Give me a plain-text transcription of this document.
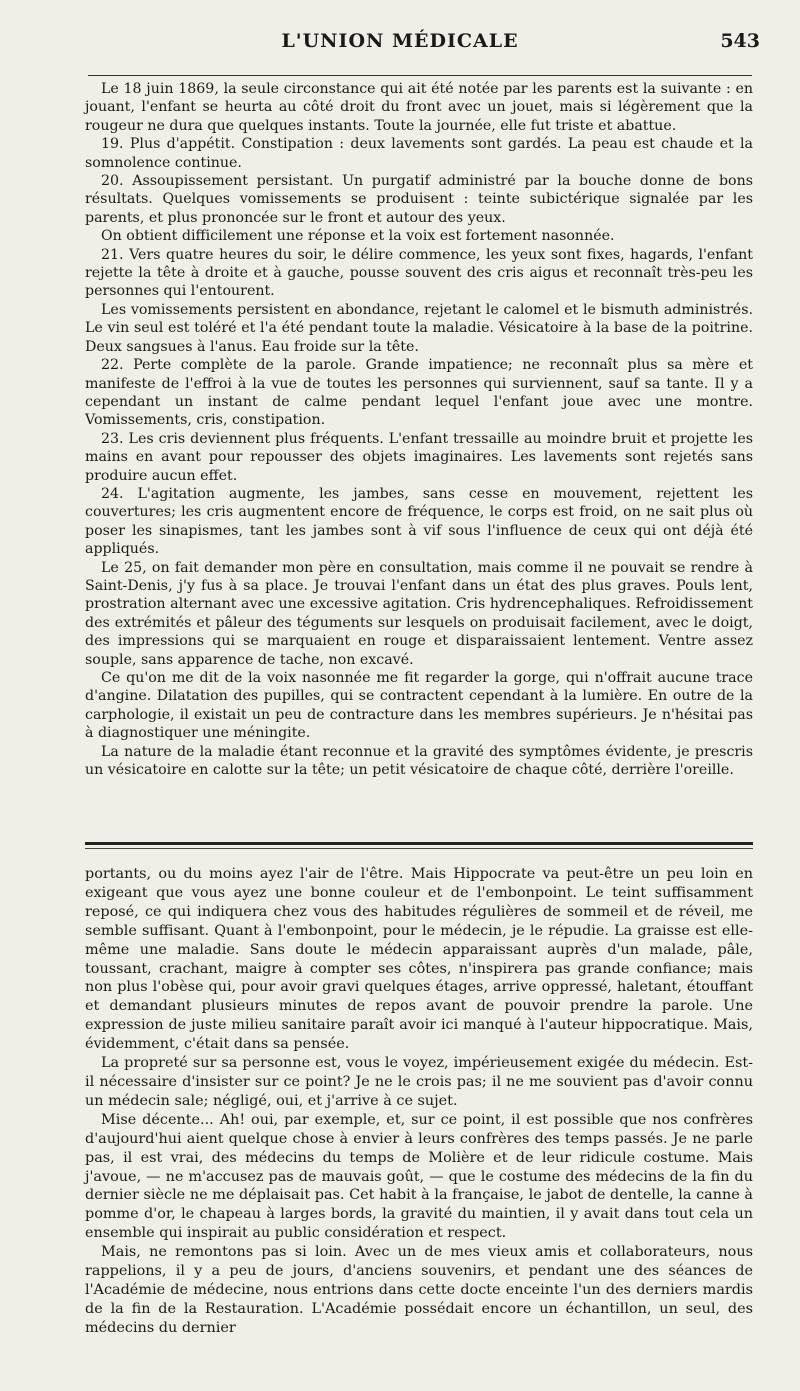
L'UNION MÉDICALE	543

Le 18 juin 1869, la seule circonstance qui ait été notée par les parents est la suivante : en jouant, l'enfant se heurta au côté droit du front avec un jouet, mais si légèrement que la rougeur ne dura que quelques instants. Toute la journée, elle fut triste et abattue.

19. Plus d'appétit. Constipation : deux lavements sont gardés. La peau est chaude et la somnolence continue.

20. Assoupissement persistant. Un purgatif administré par la bouche donne de bons résultats. Quelques vomissements se produisent : teinte subictérique signalée par les parents, et plus prononcée sur le front et autour des yeux.

On obtient difficilement une réponse et la voix est fortement nasonnée.

21. Vers quatre heures du soir, le délire commence, les yeux sont fixes, hagards, l'enfant rejette la tête à droite et à gauche, pousse souvent des cris aigus et reconnaît très-peu les personnes qui l'entourent.

Les vomissements persistent en abondance, rejetant le calomel et le bismuth administrés. Le vin seul est toléré et l'a été pendant toute la maladie. Vésicatoire à la base de la poitrine. Deux sangsues à l'anus. Eau froide sur la tête.

22. Perte complète de la parole. Grande impatience; ne reconnaît plus sa mère et manifeste de l'effroi à la vue de toutes les personnes qui surviennent, sauf sa tante. Il y a cependant un instant de calme pendant lequel l'enfant joue avec une montre. Vomissements, cris, constipation.

23. Les cris deviennent plus fréquents. L'enfant tressaille au moindre bruit et projette les mains en avant pour repousser des objets imaginaires. Les lavements sont rejetés sans produire aucun effet.

24. L'agitation augmente, les jambes, sans cesse en mouvement, rejettent les couvertures; les cris augmentent encore de fréquence, le corps est froid, on ne sait plus où poser les sinapismes, tant les jambes sont à vif sous l'influence de ceux qui ont déjà été appliqués.

Le 25, on fait demander mon père en consultation, mais comme il ne pouvait se rendre à Saint-Denis, j'y fus à sa place. Je trouvai l'enfant dans un état des plus graves. Pouls lent, prostration alternant avec une excessive agitation. Cris hydrencephaliques. Refroidissement des extrémités et pâleur des téguments sur lesquels on produisait facilement, avec le doigt, des impressions qui se marquaient en rouge et disparaissaient lentement. Ventre assez souple, sans apparence de tache, non excavé.

Ce qu'on me dit de la voix nasonnée me fit regarder la gorge, qui n'offrait aucune trace d'angine. Dilatation des pupilles, qui se contractent cependant à la lumière. En outre de la carphologie, il existait un peu de contracture dans les membres supérieurs. Je n'hésitai pas à diagnostiquer une méningite.

La nature de la maladie étant reconnue et la gravité des symptômes évidente, je prescris un vésicatoire en calotte sur la tête; un petit vésicatoire de chaque côté, derrière l'oreille.

portants, ou du moins ayez l'air de l'être. Mais Hippocrate va peut-être un peu loin en exigeant que vous ayez une bonne couleur et de l'embonpoint. Le teint suffisamment reposé, ce qui indiquera chez vous des habitudes régulières de sommeil et de réveil, me semble suffisant. Quant à l'embonpoint, pour le médecin, je le répudie. La graisse est elle-même une maladie. Sans doute le médecin apparaissant auprès d'un malade, pâle, toussant, crachant, maigre à compter ses côtes, n'inspirera pas grande confiance; mais non plus l'obèse qui, pour avoir gravi quelques étages, arrive oppressé, haletant, étouffant et demandant plusieurs minutes de repos avant de pouvoir prendre la parole. Une expression de juste milieu sanitaire paraît avoir ici manqué à l'auteur hippocratique. Mais, évidemment, c'était dans sa pensée.

La propreté sur sa personne est, vous le voyez, impérieusement exigée du médecin. Est-il nécessaire d'insister sur ce point? Je ne le crois pas; il ne me souvient pas d'avoir connu un médecin sale; négligé, oui, et j'arrive à ce sujet.

Mise décente... Ah! oui, par exemple, et, sur ce point, il est possible que nos confrères d'aujourd'hui aient quelque chose à envier à leurs confrères des temps passés. Je ne parle pas, il est vrai, des médecins du temps de Molière et de leur ridicule costume. Mais j'avoue, — ne m'accusez pas de mauvais goût, — que le costume des médecins de la fin du dernier siècle ne me déplaisait pas. Cet habit à la française, le jabot de dentelle, la canne à pomme d'or, le chapeau à larges bords, la gravité du maintien, il y avait dans tout cela un ensemble qui inspirait au public considération et respect.

Mais, ne remontons pas si loin. Avec un de mes vieux amis et collaborateurs, nous rappelions, il y a peu de jours, d'anciens souvenirs, et pendant une des séances de l'Académie de médecine, nous entrions dans cette docte enceinte l'un des derniers mardis de la fin de la Restauration. L'Académie possédait encore un échantillon, un seul, des médecins du dernier
